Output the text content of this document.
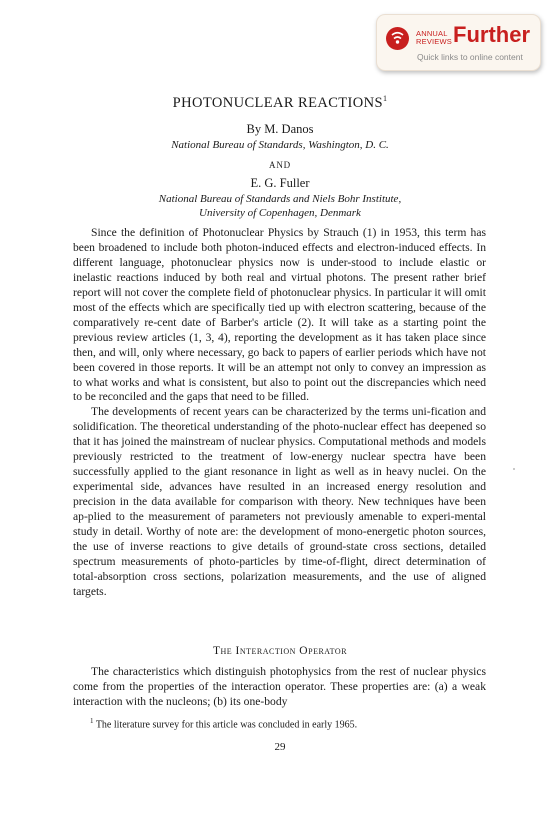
ANNUAL REVIEWS Further
Quick links to online content
PHOTONUCLEAR REACTIONS$^1$
By M. Danos
National Bureau of Standards, Washington, D. C.
AND
E. G. Fuller
National Bureau of Standards and Niels Bohr Institute,
University of Copenhagen, Denmark

Since the definition of Photonuclear Physics by Strauch (1) in 1953, this term has been broadened to include both photon-induced effects and electron-induced effects. In different language, photonuclear physics now is under-stood to include elastic or inelastic reactions induced by both real and virtual photons. The present rather brief report will not cover the complete field of photonuclear physics. In particular it will omit most of the effects which are specifically tied up with electron scattering, because of the comparatively re-cent date of Barber's article (2). It will take as a starting point the previous review articles (1, 3, 4), reporting the development as it has taken place since then, and will, only where necessary, go back to papers of earlier periods which have not been covered in those reports. It will be an attempt not only to convey an impression as to what works and what is consistent, but also to point out the discrepancies which need to be reconciled and the gaps that need to be filled.

The developments of recent years can be characterized by the terms uni-fication and solidification. The theoretical understanding of the photo-nuclear effect has deepened so that it has joined the mainstream of nuclear physics. Computational methods and models previously restricted to the treatment of low-energy nuclear spectra have been successfully applied to the giant resonance in light as well as in heavy nuclei. On the experimental side, advances have resulted in an increased energy resolution and precision in the data available for comparison with theory. New techniques have been ap-plied to the measurement of parameters not previously amenable to experi-mental study in detail. Worthy of note are: the development of mono-energetic photon sources, the use of inverse reactions to give details of ground-state cross sections, detailed spectrum measurements of photo-particles by time-of-flight, direct determination of total-absorption cross sections, polarization measurements, and the use of aligned targets.

The Interaction Operator

The characteristics which distinguish photophysics from the rest of nuclear physics come from the properties of the interaction operator. These properties are: (a) a weak interaction with the nucleons; (b) its one-body

$^1$ The literature survey for this article was concluded in early 1965.
29
